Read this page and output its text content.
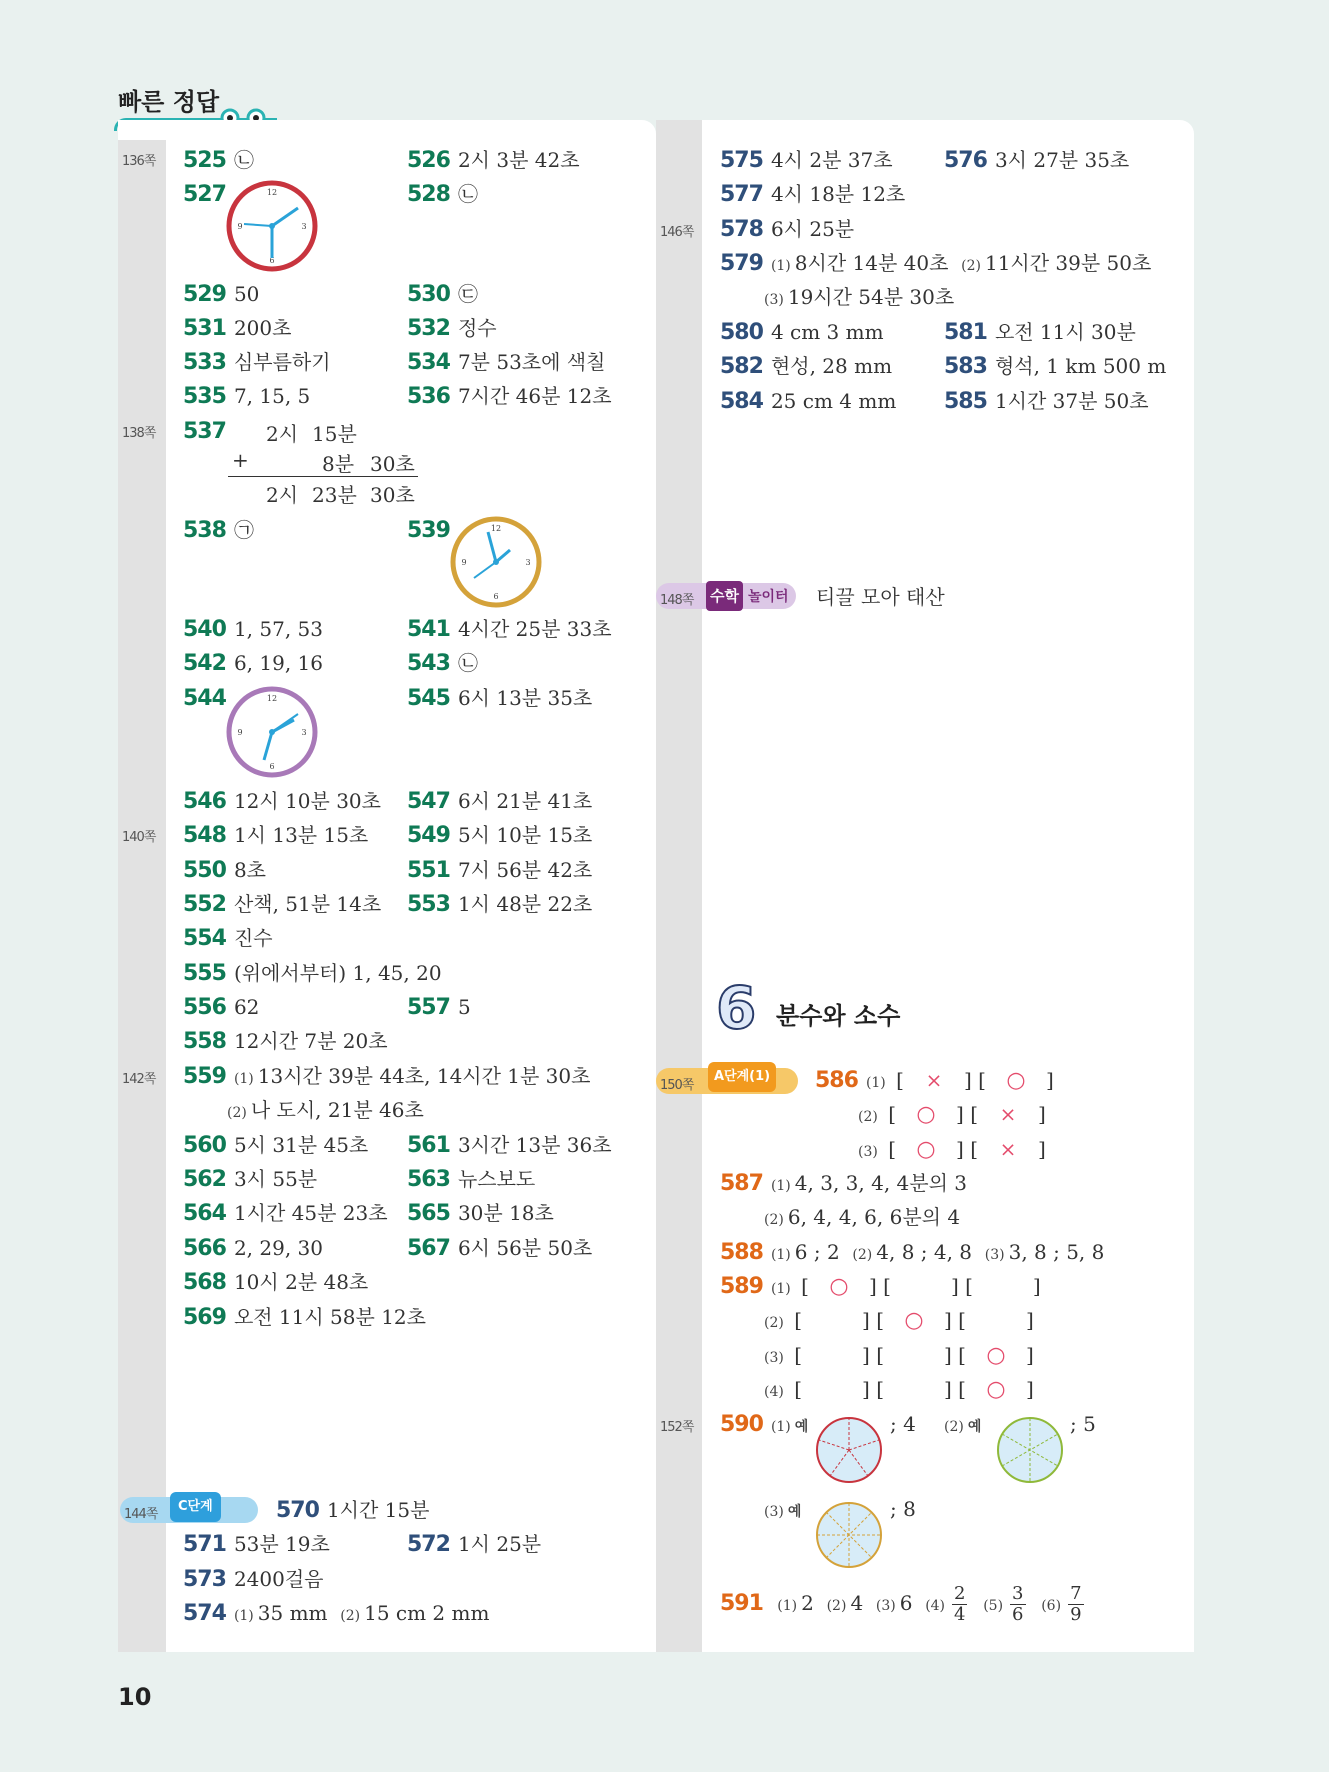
빠른 정답
136쪽
138쪽
140쪽
142쪽
525 ㉡	526 2시 3분 42초
527	528 ㉡
12
3
6
9
529 50	530 ㉢
531 200초	532 정수
533 심부름하기	534 7분 53초에 색칠
535 7, 15, 5	536 7시간 46분 12초
537	2시 15분
+	8분 30초
2시 23분 30초
538 ㉠	539	12
3
6
9
540 1, 57, 53	541 4시간 25분 33초
542 6, 19, 16	543 ㉡
544	545 6시 13분 35초
12
3
6
9
546 12시 10분 30초 547 6시 21분 41초
548 1시 13분 15초 549 5시 10분 15초
550 8초	551 7시 56분 42초
552 산책, 51분 14초 553 1시 48분 22초
554 진수
555 (위에서부터) 1, 45, 20
556 62	557 5
558 12시간 7분 20초
559 (1) 13시간 39분 44초, 14시간 1분 30초
(2) 나 도시, 21분 46초
560 5시 31분 45초 561 3시간 13분 36초
562 3시 55분	563 뉴스보도
564 1시간 45분 23초 565 30분 18초
566 2, 29, 30	567 6시 56분 50초
568 10시 2분 48초
569 오전 11시 58분 12초
144쪽
C단계	570 1시간 15분
571 53분 19초	572 1시 25분
573 2400걸음
574 (1) 35 mm (2) 15 cm 2 mm
146쪽
575 4시 2분 37초 576 3시 27분 35초
577 4시 18분 12초
578 6시 25분
579 (1) 8시간 14분 40초 (2) 11시간 39분 50초
(3) 19시간 54분 30초
580 4 cm 3 mm	581 오전 11시 30분
582 현성, 28 mm 583 형석, 1 km 500 m
584 25 cm 4 mm 585 1시간 37분 50초
148쪽 수학 놀이터 티끌 모아 태산
6 분수와 소수
150쪽
A단계(1) 586 (1) [ × ] [ ○ ]
(2) [ ○ ] [ × ]
(3) [ ○ ] [ × ]
587 (1) 4, 3, 3, 4, 4분의 3
(2) 6, 4, 4, 6, 6분의 4
588 (1) 6 ; 2 (2) 4, 8 ; 4, 8 (3) 3, 8 ; 5, 8
589 (1) [ ○ ] [	] [	]
(2) [	] [ ○ ] [	]
(3) [	] [	] [ ○ ]
(4) [	] [	] [ ○ ]
152쪽 590 (1) 예	; 4 (2) 예	; 5
(3) 예	; 8
591 (1) 2 (2) 4 (3) 6 $(4) \frac{2}{4} (5) \frac{3}{6} (6) \frac{7}{9}$
10
